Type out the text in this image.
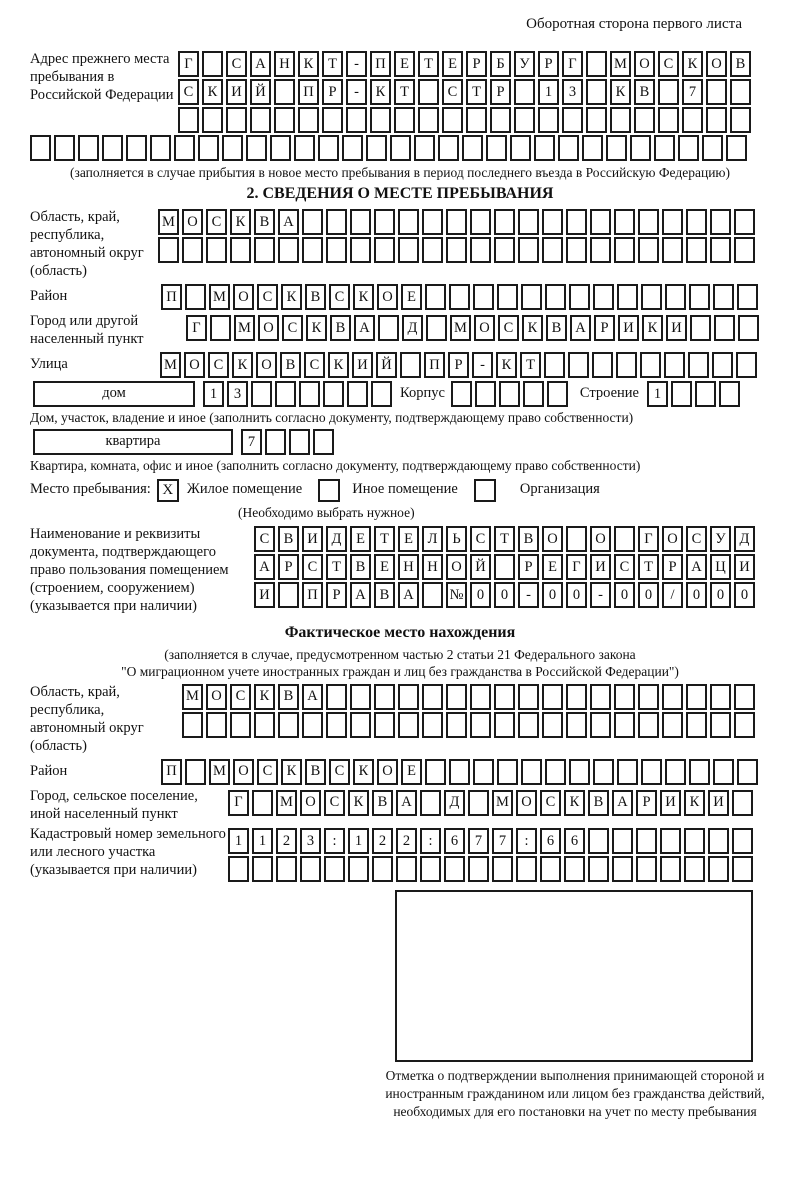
Оборотная сторона первого листа
Адрес прежнего места пребывания в Российской Федерации
Г	С А Н К	Т	-	П Е	Т	Е	Р	Б	У	Р	Г	М О С К О В
С К И Й	П	Р	-	К	Т	С	Т	Р	1	3	К В	7
(заполняется в случае прибытия в новое место пребывания в период последнего въезда в Российскую Федерацию)
2. СВЕДЕНИЯ О МЕСТЕ ПРЕБЫВАНИЯ
Область, край, республика, автономный округ (область)
М О С К В А
Район	П	М О С К В С К О Е
Город или другой населенный пункт
Г	М О С К В А	Д	М О С К В А	Р	И К И
Улица	М О С К О В С К И Й	П	Р	-	К	Т
дом	1	3	Корпус	Строение	1
Дом, участок, владение и иное (заполнить согласно документу, подтверждающему право собственности)
квартира	7
Квартира, комната, офис и иное (заполнить согласно документу, подтверждающему право собственности)
Место пребывания: X Жилое помещение	Иное помещение	Организация
(Необходимо выбрать нужное)
Наименование и реквизиты документа, подтверждающего право пользования помещением (строением, сооружением) (указывается при наличии)
С В И Д	Е	Т	Е	Л	Ь	С	Т	В О	О	Г	О С У Д
А	Р	С	Т	В	Е Н Н О Й	Р	Е	Г	И С	Т	Р	А Ц И
И	П	Р	А В А	№ 0	0	-	0	0	-	0	0	/	0	0	0
Фактическое место нахождения
(заполняется в случае, предусмотренном частью 2 статьи 21 Федерального закона
"О миграционном учете иностранных граждан и лиц без гражданства в Российской Федерации")
Область, край, республика, автономный округ (область)
М О С К В А
Район	П	М О С К В С К О Е
Город, сельское поселение, иной населенный пункт
Г	М О С К В А	Д	М О С К В А	Р	И К И
Кадастровый номер земельного или лесного участка (указывается при наличии)
1	1	2	3	:	1	2	2	:	6	7	7	:	6	6
Отметка о подтверждении выполнения принимающей стороной и иностранным гражданином или лицом без гражданства действий, необходимых для его постановки на учет по месту пребывания
